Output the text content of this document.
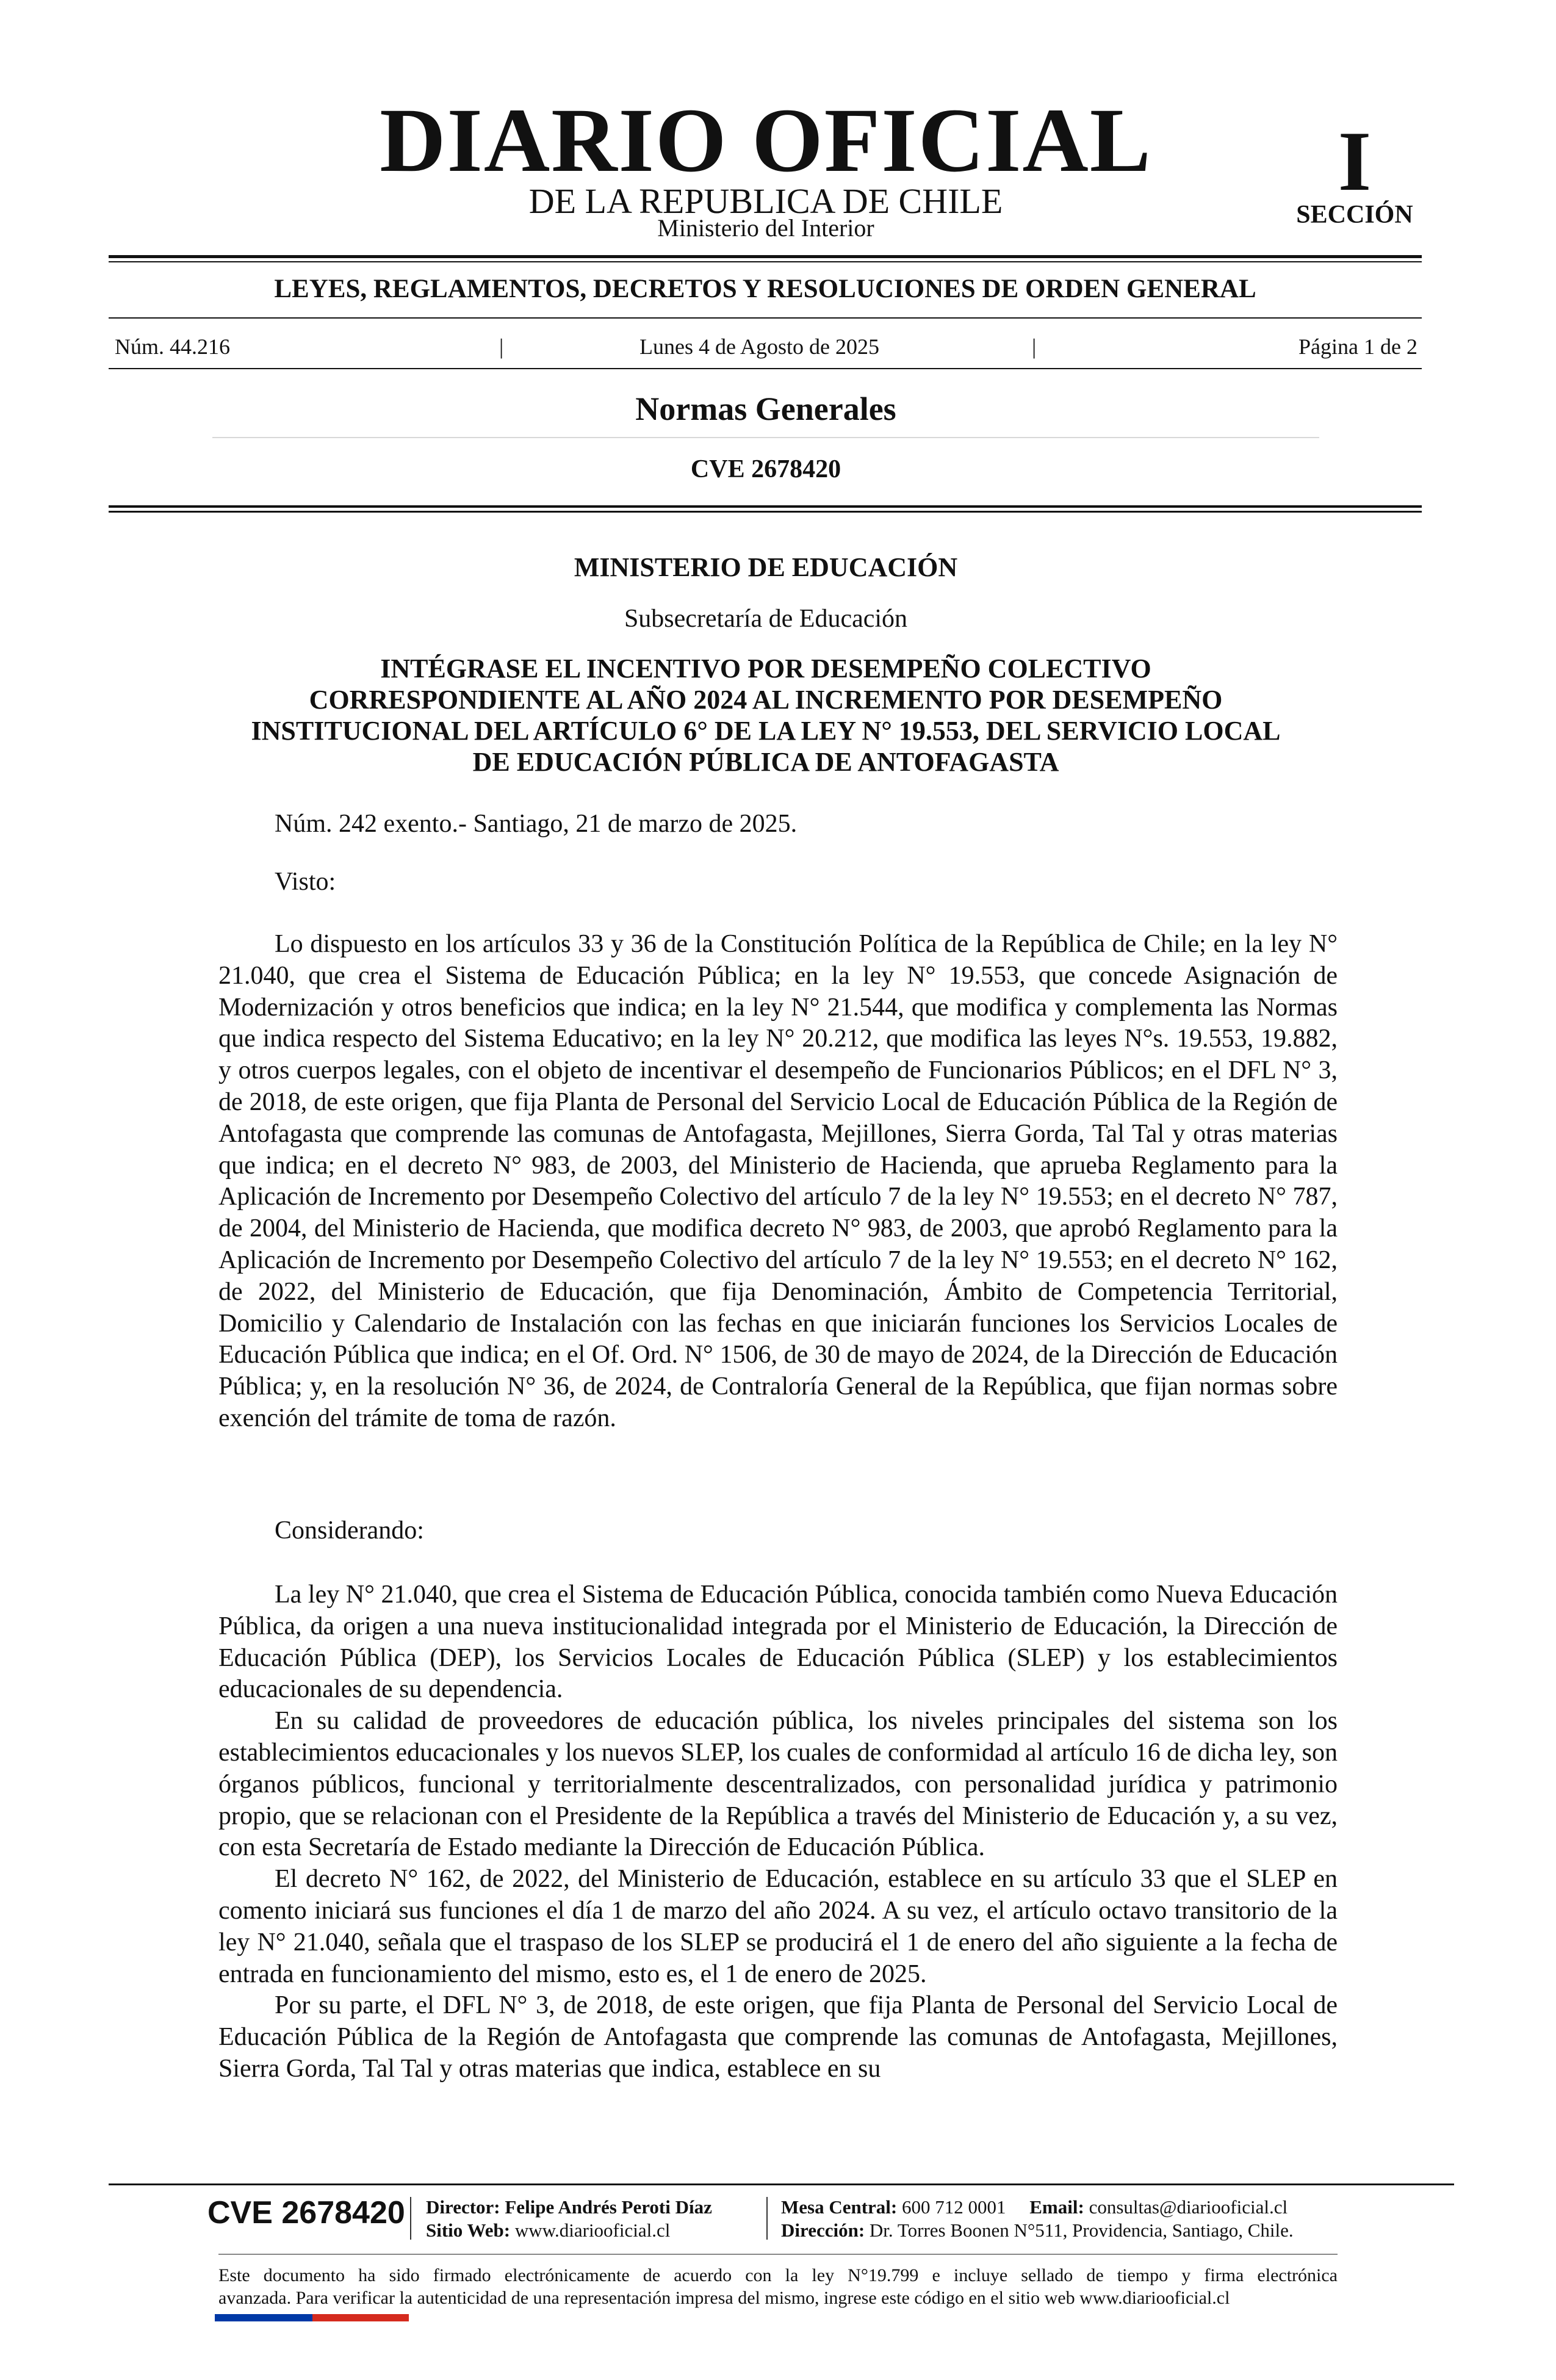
DIARIO OFICIAL
DE LA REPUBLICA DE CHILE
Ministerio del Interior
I
SECCIÓN
LEYES, REGLAMENTOS, DECRETOS Y RESOLUCIONES DE ORDEN GENERAL
Núm. 44.216	|	Lunes 4 de Agosto de 2025	|	Página 1 de 2
Normas Generales
CVE 2678420
MINISTERIO DE EDUCACIÓN
Subsecretaría de Educación
INTÉGRASE EL INCENTIVO POR DESEMPEÑO COLECTIVO
CORRESPONDIENTE AL AÑO 2024 AL INCREMENTO POR DESEMPEÑO
INSTITUCIONAL DEL ARTÍCULO 6° DE LA LEY N° 19.553, DEL SERVICIO LOCAL
DE EDUCACIÓN PÚBLICA DE ANTOFAGASTA
Núm. 242 exento.- Santiago, 21 de marzo de 2025.
Visto:
Lo dispuesto en los artículos 33 y 36 de la Constitución Política de la República de Chile; en la ley N° 21.040, que crea el Sistema de Educación Pública; en la ley N° 19.553, que concede Asignación de Modernización y otros beneficios que indica; en la ley N° 21.544, que modifica y complementa las Normas que indica respecto del Sistema Educativo; en la ley N° 20.212, que modifica las leyes N°s. 19.553, 19.882, y otros cuerpos legales, con el objeto de incentivar el desempeño de Funcionarios Públicos; en el DFL N° 3, de 2018, de este origen, que fija Planta de Personal del Servicio Local de Educación Pública de la Región de Antofagasta que comprende las comunas de Antofagasta, Mejillones, Sierra Gorda, Tal Tal y otras materias que indica; en el decreto N° 983, de 2003, del Ministerio de Hacienda, que aprueba Reglamento para la Aplicación de Incremento por Desempeño Colectivo del artículo 7 de la ley N° 19.553; en el decreto N° 787, de 2004, del Ministerio de Hacienda, que modifica decreto N° 983, de 2003, que aprobó Reglamento para la Aplicación de Incremento por Desempeño Colectivo del artículo 7 de la ley N° 19.553; en el decreto N° 162, de 2022, del Ministerio de Educación, que fija Denominación, Ámbito de Competencia Territorial, Domicilio y Calendario de Instalación con las fechas en que iniciarán funciones los Servicios Locales de Educación Pública que indica; en el Of. Ord. N° 1506, de 30 de mayo de 2024, de la Dirección de Educación Pública; y, en la resolución N° 36, de 2024, de Contraloría General de la República, que fijan normas sobre exención del trámite de toma de razón.
Considerando:
La ley N° 21.040, que crea el Sistema de Educación Pública, conocida también como Nueva Educación Pública, da origen a una nueva institucionalidad integrada por el Ministerio de Educación, la Dirección de Educación Pública (DEP), los Servicios Locales de Educación Pública (SLEP) y los establecimientos educacionales de su dependencia.
En su calidad de proveedores de educación pública, los niveles principales del sistema son los establecimientos educacionales y los nuevos SLEP, los cuales de conformidad al artículo 16 de dicha ley, son órganos públicos, funcional y territorialmente descentralizados, con personalidad jurídica y patrimonio propio, que se relacionan con el Presidente de la República a través del Ministerio de Educación y, a su vez, con esta Secretaría de Estado mediante la Dirección de Educación Pública.
El decreto N° 162, de 2022, del Ministerio de Educación, establece en su artículo 33 que el SLEP en comento iniciará sus funciones el día 1 de marzo del año 2024. A su vez, el artículo octavo transitorio de la ley N° 21.040, señala que el traspaso de los SLEP se producirá el 1 de enero del año siguiente a la fecha de entrada en funcionamiento del mismo, esto es, el 1 de enero de 2025.
Por su parte, el DFL N° 3, de 2018, de este origen, que fija Planta de Personal del Servicio Local de Educación Pública de la Región de Antofagasta que comprende las comunas de Antofagasta, Mejillones, Sierra Gorda, Tal Tal y otras materias que indica, establece en su
CVE 2678420 Director: Felipe Andrés Peroti Díaz
Sitio Web: www.diariooficial.cl
Mesa Central: 600 712 0001 Email: consultas@diariooficial.cl
Dirección: Dr. Torres Boonen N°511, Providencia, Santiago, Chile.
Este documento ha sido firmado electrónicamente de acuerdo con la ley N°19.799 e incluye sellado de tiempo y firma electrónica
avanzada. Para verificar la autenticidad de una representación impresa del mismo, ingrese este código en el sitio web www.diariooficial.cl
